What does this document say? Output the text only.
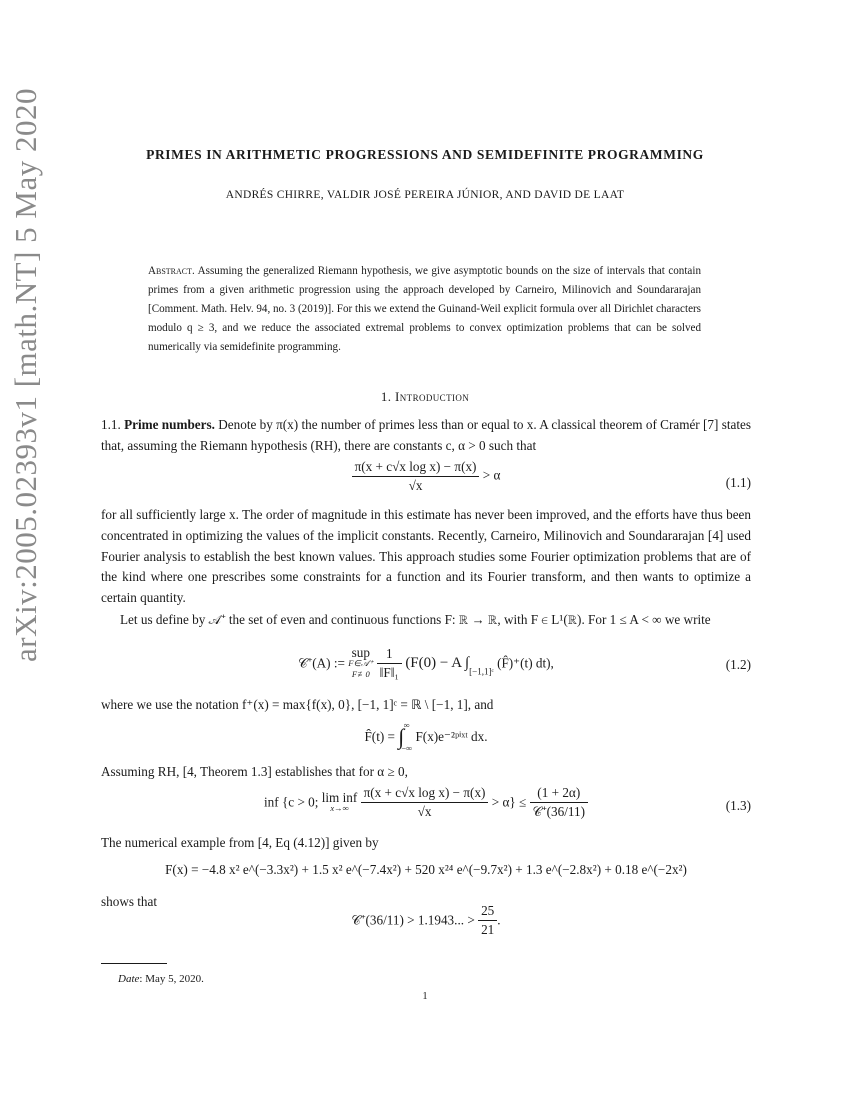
arXiv:2005.02393v1 [math.NT] 5 May 2020	PRIMES IN ARITHMETIC PROGRESSIONS AND SEMIDEFINITE PROGRAMMING
ANDRÉS CHIRRE, VALDIR JOSÉ PEREIRA JÚNIOR, AND DAVID DE LAAT
Abstract. Assuming the generalized Riemann hypothesis, we give asymptotic bounds on the size of intervals that contain primes from a given arithmetic progression using the approach developed by Carneiro, Milinovich and Soundararajan [Comment. Math. Helv. 94, no. 3 (2019)]. For this we extend the Guinand-Weil explicit formula over all Dirichlet characters modulo q ≥ 3, and we reduce the associated extremal problems to convex optimization problems that can be solved numerically via semidefinite programming.
1. Introduction
1.1. Prime numbers. Denote by π(x) the number of primes less than or equal to x. A classical theorem of Cramér [7] states that, assuming the Riemann hypothesis (RH), there are constants c, α > 0 such that
$\frac{\text{π(x + c√x log x) − π(x)}}{√x} > \alpha$	(1.1)
for all sufficiently large x. The order of magnitude in this estimate has never been improved, and the efforts have thus been concentrated in optimizing the values of the implicit constants. Recently, Carneiro, Milinovich and Soundararajan [4] used Fourier analysis to establish the best known values. This approach studies some Fourier optimization problems that are of the kind where one prescribes some constraints for a function and its Fourier transform, and then wants to optimize a certain quantity.
Let us define by 𝒜⁺ the set of even and continuous functions F: ℝ → ℝ, with F ∈ L¹(ℝ). For 1 ≤ A < ∞ we write
𝒞⁺(A) :=
sup
F∈𝒜⁺
F≢0
$\frac{1}{\text{‖F‖₁}} (F(0) - A$ $\int_{[-1,1]ᶜ}$ (F̂)⁺(t) dt),	(1.2)
where we use the notation f⁺(x) = max{f(x), 0}, [−1, 1]ᶜ = ℝ \ [−1, 1], and
F̂(t) = ∫ ∞
−∞
F(x)e⁻²ᵖⁱˣᵗ dx.
Assuming RH, [4, Theorem 1.3] establishes that for α ≥ 0,
inf {c > 0; lim inf
x→∞
$\frac{\text{π(x + c√x log x) − π(x)}}{√x} > \alpha\} \le \frac{(1 + 2\alpha)}{\text{𝒞⁺(36/11)}}$	(1.3)
The numerical example from [4, Eq (4.12)] given by
F(x) = −4.8 x² e^(−3.3x²) + 1.5 x² e^(−7.4x²) + 520 x²⁴ e^(−9.7x²) + 1.3 e^(−2.8x²) + 0.18 e^(−2x²)
shows that
𝒞⁺(36/11) > 1.1943... > $\frac{25}{21}$ .
Date: May 5, 2020.
1
